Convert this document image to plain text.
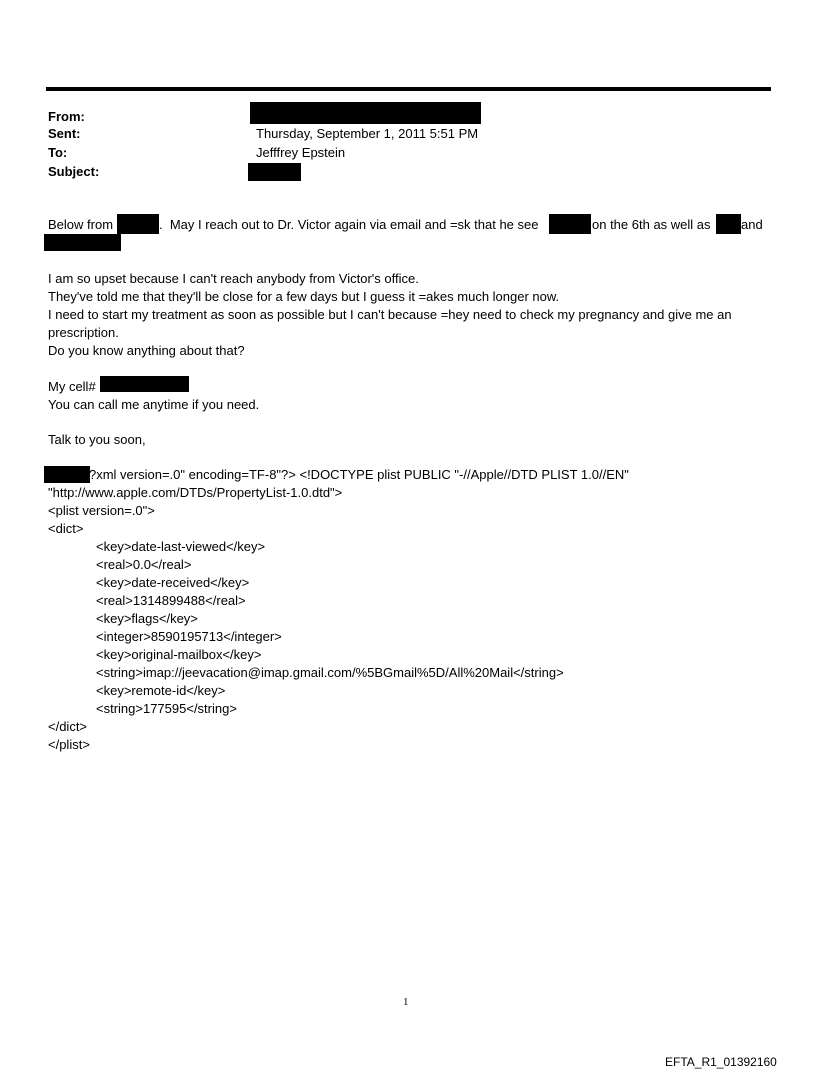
From:
Sent:	Thursday, September 1, 2011 5:51 PM
To:	Jefffrey Epstein
Subject:
Below from	.  May I reach out to Dr. Victor again via email and =sk that he see	on the 6th as well as and
I am so upset because I can't reach anybody from Victor's office.
They've told me that they'll be close for a few days but I guess it =akes much longer now.
I need to start my treatment as soon as possible but I can't because =hey need to check my pregnancy and give me an
prescription.
Do you know anything about that?
My cell#
You can call me anytime if you need.
Talk to you soon,
?xml version=.0" encoding=TF-8"?> <!DOCTYPE plist PUBLIC "-//Apple//DTD PLIST 1.0//EN"
"http://www.apple.com/DTDs/PropertyList-1.0.dtd">
<plist version=.0">
<dict>
<key>date-last-viewed</key>
<real>0.0</real>
<key>date-received</key>
<real>1314899488</real>
<key>flags</key>
<integer>8590195713</integer>
<key>original-mailbox</key>
<string>imap://jeevacation@imap.gmail.com/%5BGmail%5D/All%20Mail</string>
<key>remote-id</key>
<string>177595</string>
</dict>
</plist>
1
EFTA_R1_01392160
